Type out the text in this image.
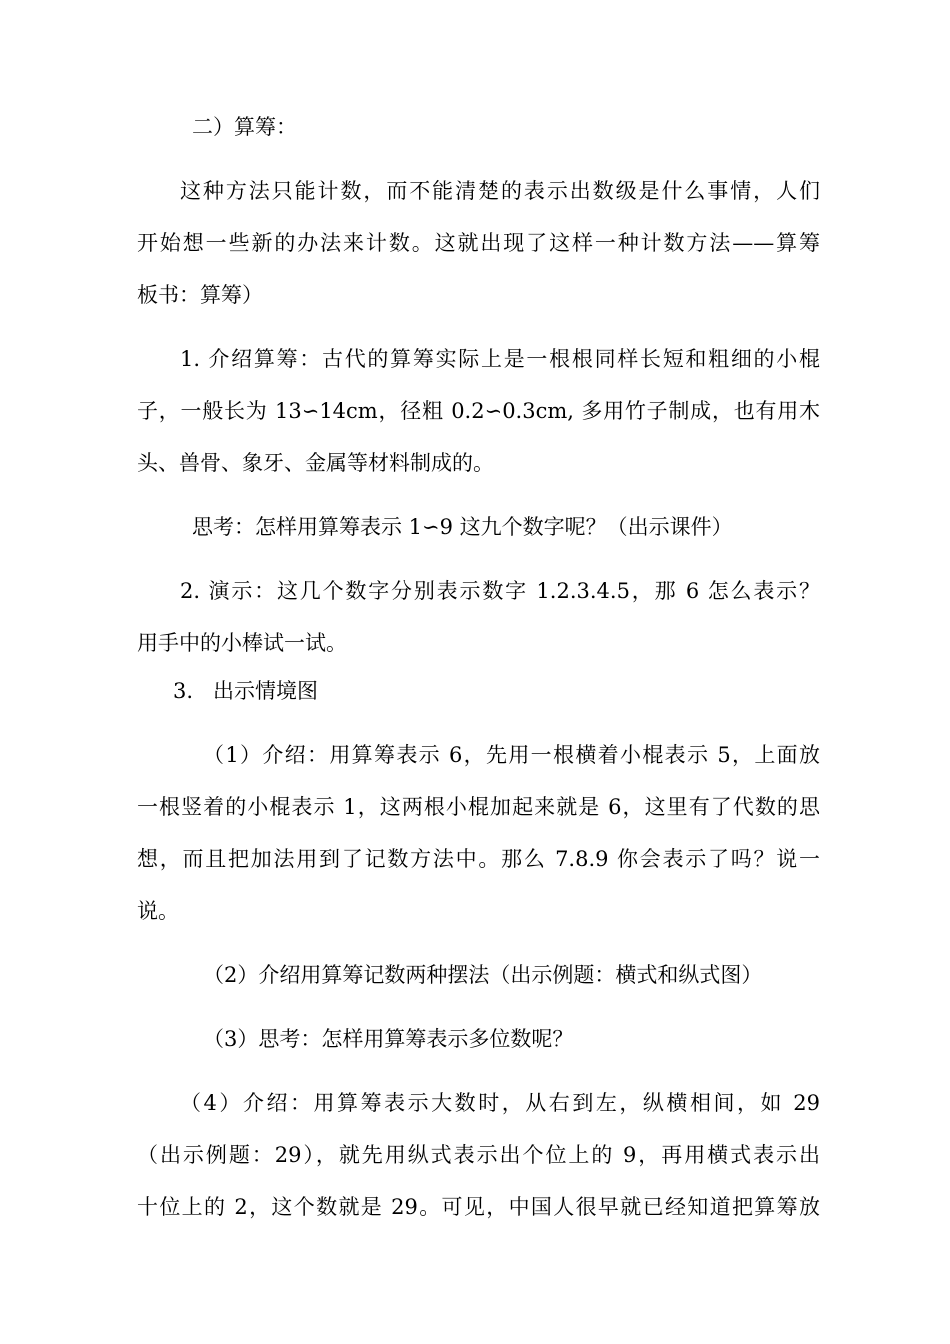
二）算筹：
这种方法只能计数，而不能清楚的表示出数级是什么事情，人们
开始想一些新的办法来计数。这就出现了这样一种计数方法——算筹
板书：算筹）
1. 介绍算筹：古代的算筹实际上是一根根同样长短和粗细的小棍
子，一般长为 13∽14cm，径粗 0.2∽0.3cm, 多用竹子制成，也有用木
头、兽骨、象牙、金属等材料制成的。
思考：怎样用算筹表示 1∽9 这九个数字呢？（出示课件）
2. 演示：这几个数字分别表示数字 1.2.3.4.5，那 6 怎么表示？
用手中的小棒试一试。
3.   出示情境图
（1）介绍：用算筹表示 6，先用一根横着小棍表示 5，上面放
一根竖着的小棍表示 1，这两根小棍加起来就是 6，这里有了代数的思
想，而且把加法用到了记数方法中。那么 7.8.9 你会表示了吗？说一
说。
（2）介绍用算筹记数两种摆法（出示例题：横式和纵式图）
（3）思考：怎样用算筹表示多位数呢？
（4）介绍：用算筹表示大数时，从右到左，纵横相间，如 29
（出示例题：29），就先用纵式表示出个位上的 9，再用横式表示出
十位上的 2，这个数就是 29。可见，中国人很早就已经知道把算筹放
